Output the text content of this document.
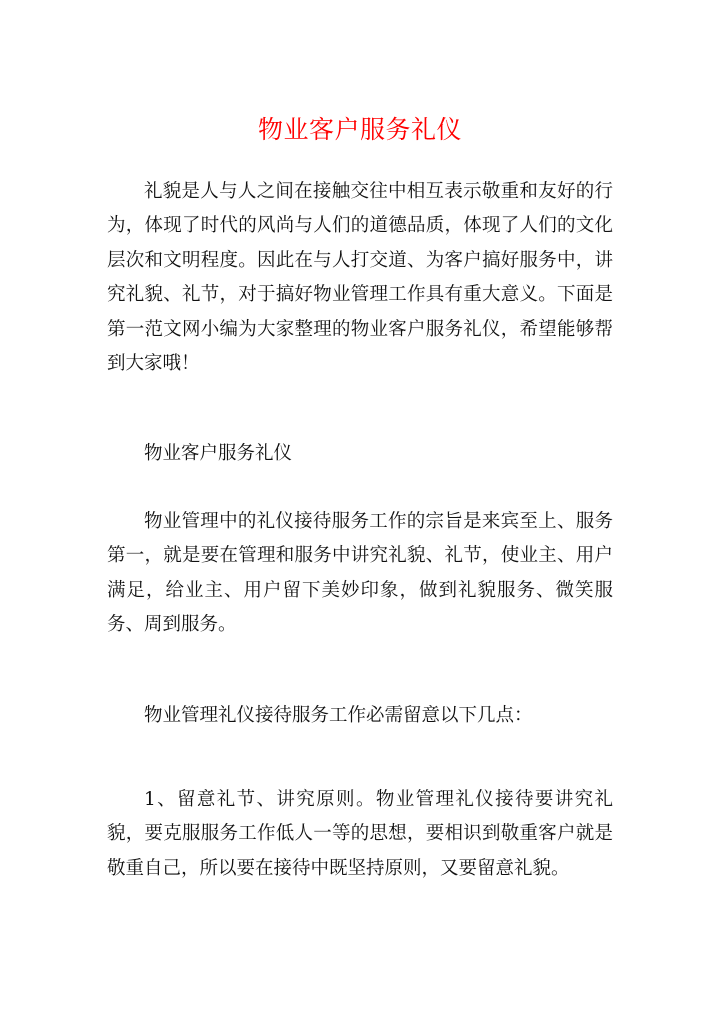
物业客户服务礼仪

礼貌是人与人之间在接触交往中相互表示敬重和友好的行为，体现了时代的风尚与人们的道德品质，体现了人们的文化层次和文明程度。因此在与人打交道、为客户搞好服务中，讲究礼貌、礼节，对于搞好物业管理工作具有重大意义。下面是第一范文网小编为大家整理的物业客户服务礼仪，希望能够帮到大家哦！

物业客户服务礼仪

物业管理中的礼仪接待服务工作的宗旨是来宾至上、服务第一，就是要在管理和服务中讲究礼貌、礼节，使业主、用户满足，给业主、用户留下美妙印象，做到礼貌服务、微笑服务、周到服务。

物业管理礼仪接待服务工作必需留意以下几点：

1、留意礼节、讲究原则。物业管理礼仪接待要讲究礼貌，要克服服务工作低人一等的思想，要相识到敬重客户就是敬重自己，所以要在接待中既坚持原则，又要留意礼貌。
